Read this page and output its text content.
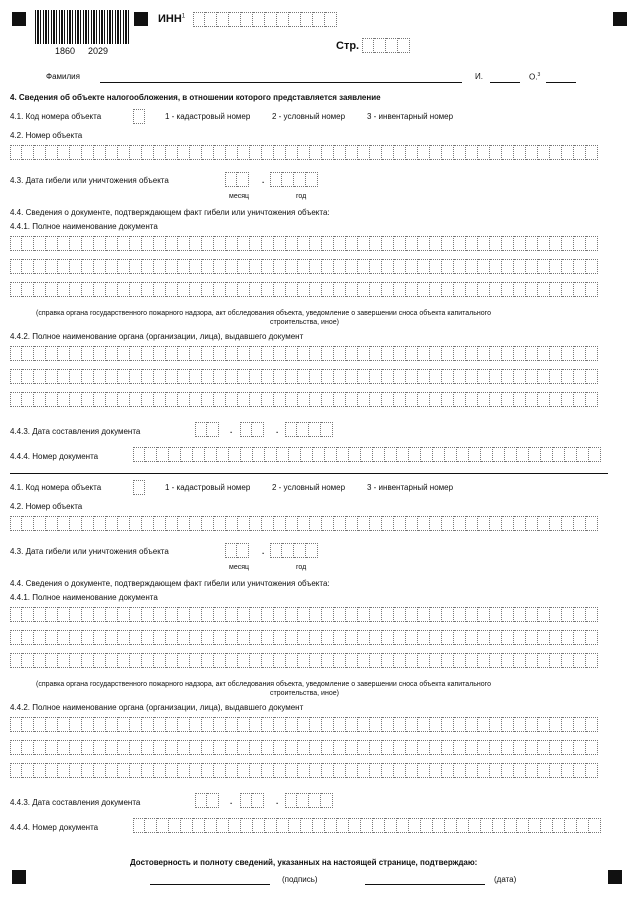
1860 2029
ИНН$^1$
Стр.
Фамилия	И.	О.$^3$
4. Сведения об объекте налогообложения, в отношении которого представляется заявление
4.1. Код номера объекта	1 - кадастровый номер	2 - условный номер	3 - инвентарный номер
4.2. Номер объекта
4.3. Дата гибели или уничтожения объекта	.
месяц	год
4.4. Сведения о документе, подтверждающем факт гибели или уничтожения объекта:
4.4.1. Полное наименование документа
(справка органа государственного пожарного надзора, акт обследования объекта, уведомление о завершении сноса объекта капитального
строительства, иное)
4.4.2. Полное наименование органа (организации, лица), выдавшего документ
4.4.3. Дата составления документа	.	.
4.4.4. Номер документа
4.1. Код номера объекта	1 - кадастровый номер	2 - условный номер	3 - инвентарный номер
4.2. Номер объекта
4.3. Дата гибели или уничтожения объекта	.
месяц	год
4.4. Сведения о документе, подтверждающем факт гибели или уничтожения объекта:
4.4.1. Полное наименование документа
(справка органа государственного пожарного надзора, акт обследования объекта, уведомление о завершении сноса объекта капитального
строительства, иное)
4.4.2. Полное наименование органа (организации, лица), выдавшего документ
4.4.3. Дата составления документа	.	.
4.4.4. Номер документа
Достоверность и полноту сведений, указанных на настоящей странице, подтверждаю:
(подпись)	(дата)
